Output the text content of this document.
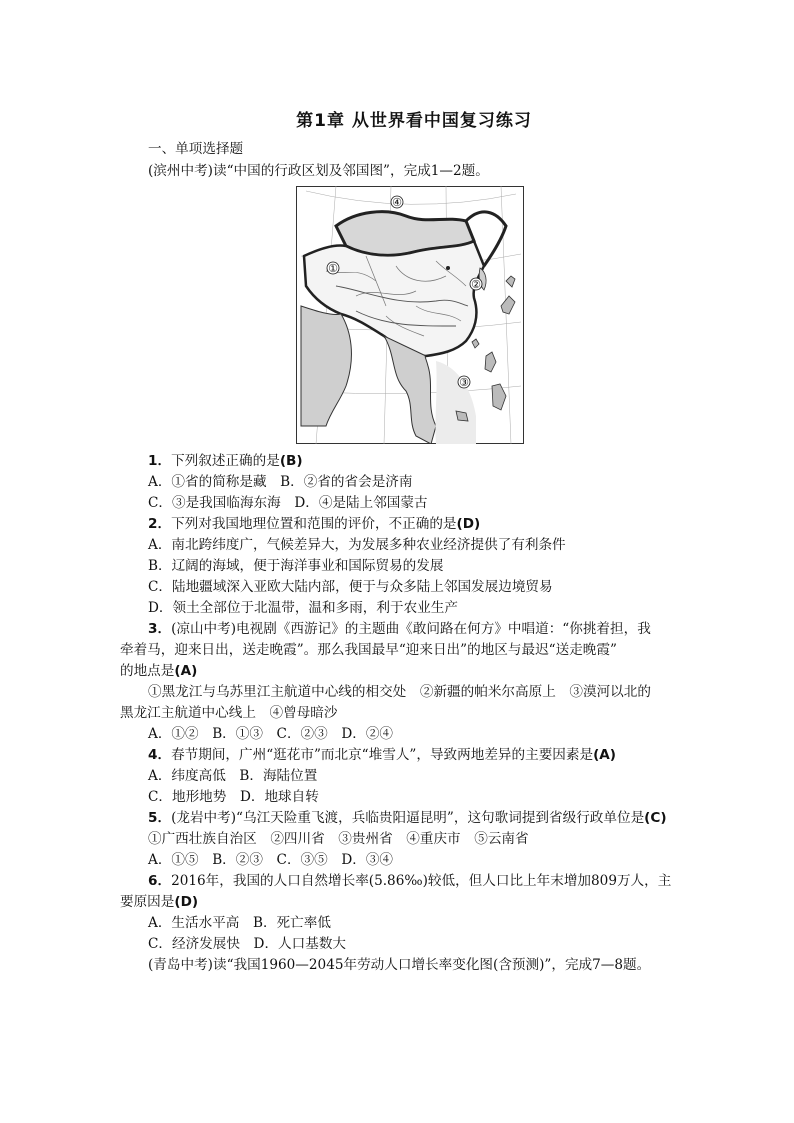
第1章 从世界看中国复习练习
一、单项选择题
(滨州中考)读“中国的行政区划及邻国图”，完成1—2题。
④
①
②
③
1．下列叙述正确的是(B)
A．①省的简称是藏　B．②省的省会是济南
C．③是我国临海东海　D．④是陆上邻国蒙古
2．下列对我国地理位置和范围的评价，不正确的是(D)
A．南北跨纬度广，气候差异大，为发展多种农业经济提供了有利条件
B．辽阔的海域，便于海洋事业和国际贸易的发展
C．陆地疆域深入亚欧大陆内部，便于与众多陆上邻国发展边境贸易
D．领土全部位于北温带，温和多雨，利于农业生产
3．(凉山中考)电视剧《西游记》的主题曲《敢问路在何方》中唱道：“你挑着担，我
牵着马，迎来日出，送走晚霞”。那么我国最早“迎来日出”的地区与最迟“送走晚霞”
的地点是(A)
①黑龙江与乌苏里江主航道中心线的相交处　②新疆的帕米尔高原上　③漠河以北的
黑龙江主航道中心线上　④曾母暗沙
A．①②　B．①③　C．②③　D．②④
4．春节期间，广州“逛花市”而北京“堆雪人”，导致两地差异的主要因素是(A)
A．纬度高低　B．海陆位置
C．地形地势　D．地球自转
5．(龙岩中考)“乌江天险重飞渡，兵临贵阳逼昆明”，这句歌词提到省级行政单位是(C)
①广西壮族自治区　②四川省　③贵州省　④重庆市　⑤云南省
A．①⑤　B．②③　C．③⑤　D．③④
6．2016年，我国的人口自然增长率(5.86‰)较低，但人口比上年末增加809万人，主
要原因是(D)
A．生活水平高　B．死亡率低
C．经济发展快　D．人口基数大
(青岛中考)读“我国1960—2045年劳动人口增长率变化图(含预测)”，完成7—8题。
